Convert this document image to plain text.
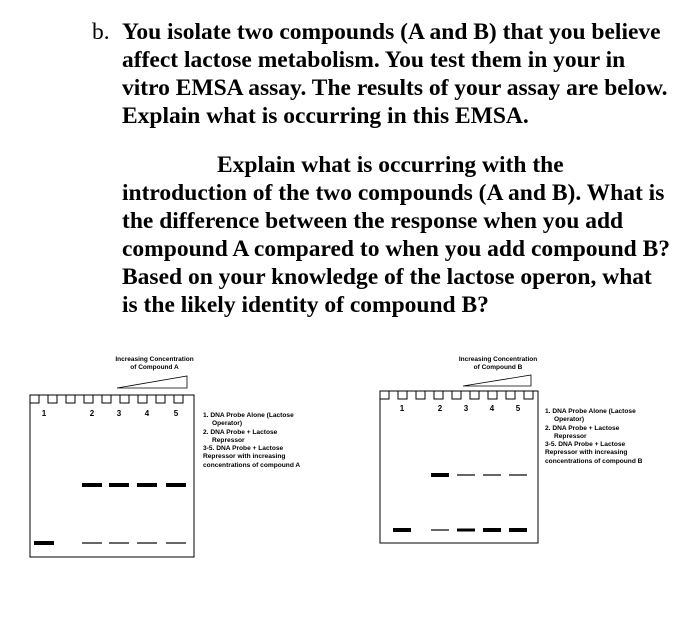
b. You isolate two compounds (A and B) that you believe affect lactose metabolism. You test them in your in vitro EMSA assay. The results of your assay are below. Explain what is occurring in this EMSA.
Explain what is occurring with the introduction of the two compounds (A and B). What is the difference between the response when you add compound A compared to when you add compound B? Based on your knowledge of the lactose operon, what is the likely identity of compound B?
Increasing Concentration
of Compound A
1	2	3	4	5	1. DNA Probe Alone (Lactose
Operator)
2. DNA Probe + Lactose
Repressor
3-5. DNA Probe + Lactose
Repressor with increasing
concentrations of compound A
Increasing Concentration
of Compound B
1	2	3	4	5	1. DNA Probe Alone (Lactose
Operator)
2. DNA Probe + Lactose
Repressor
3-5. DNA Probe + Lactose
Repressor with increasing
concentrations of compound B
